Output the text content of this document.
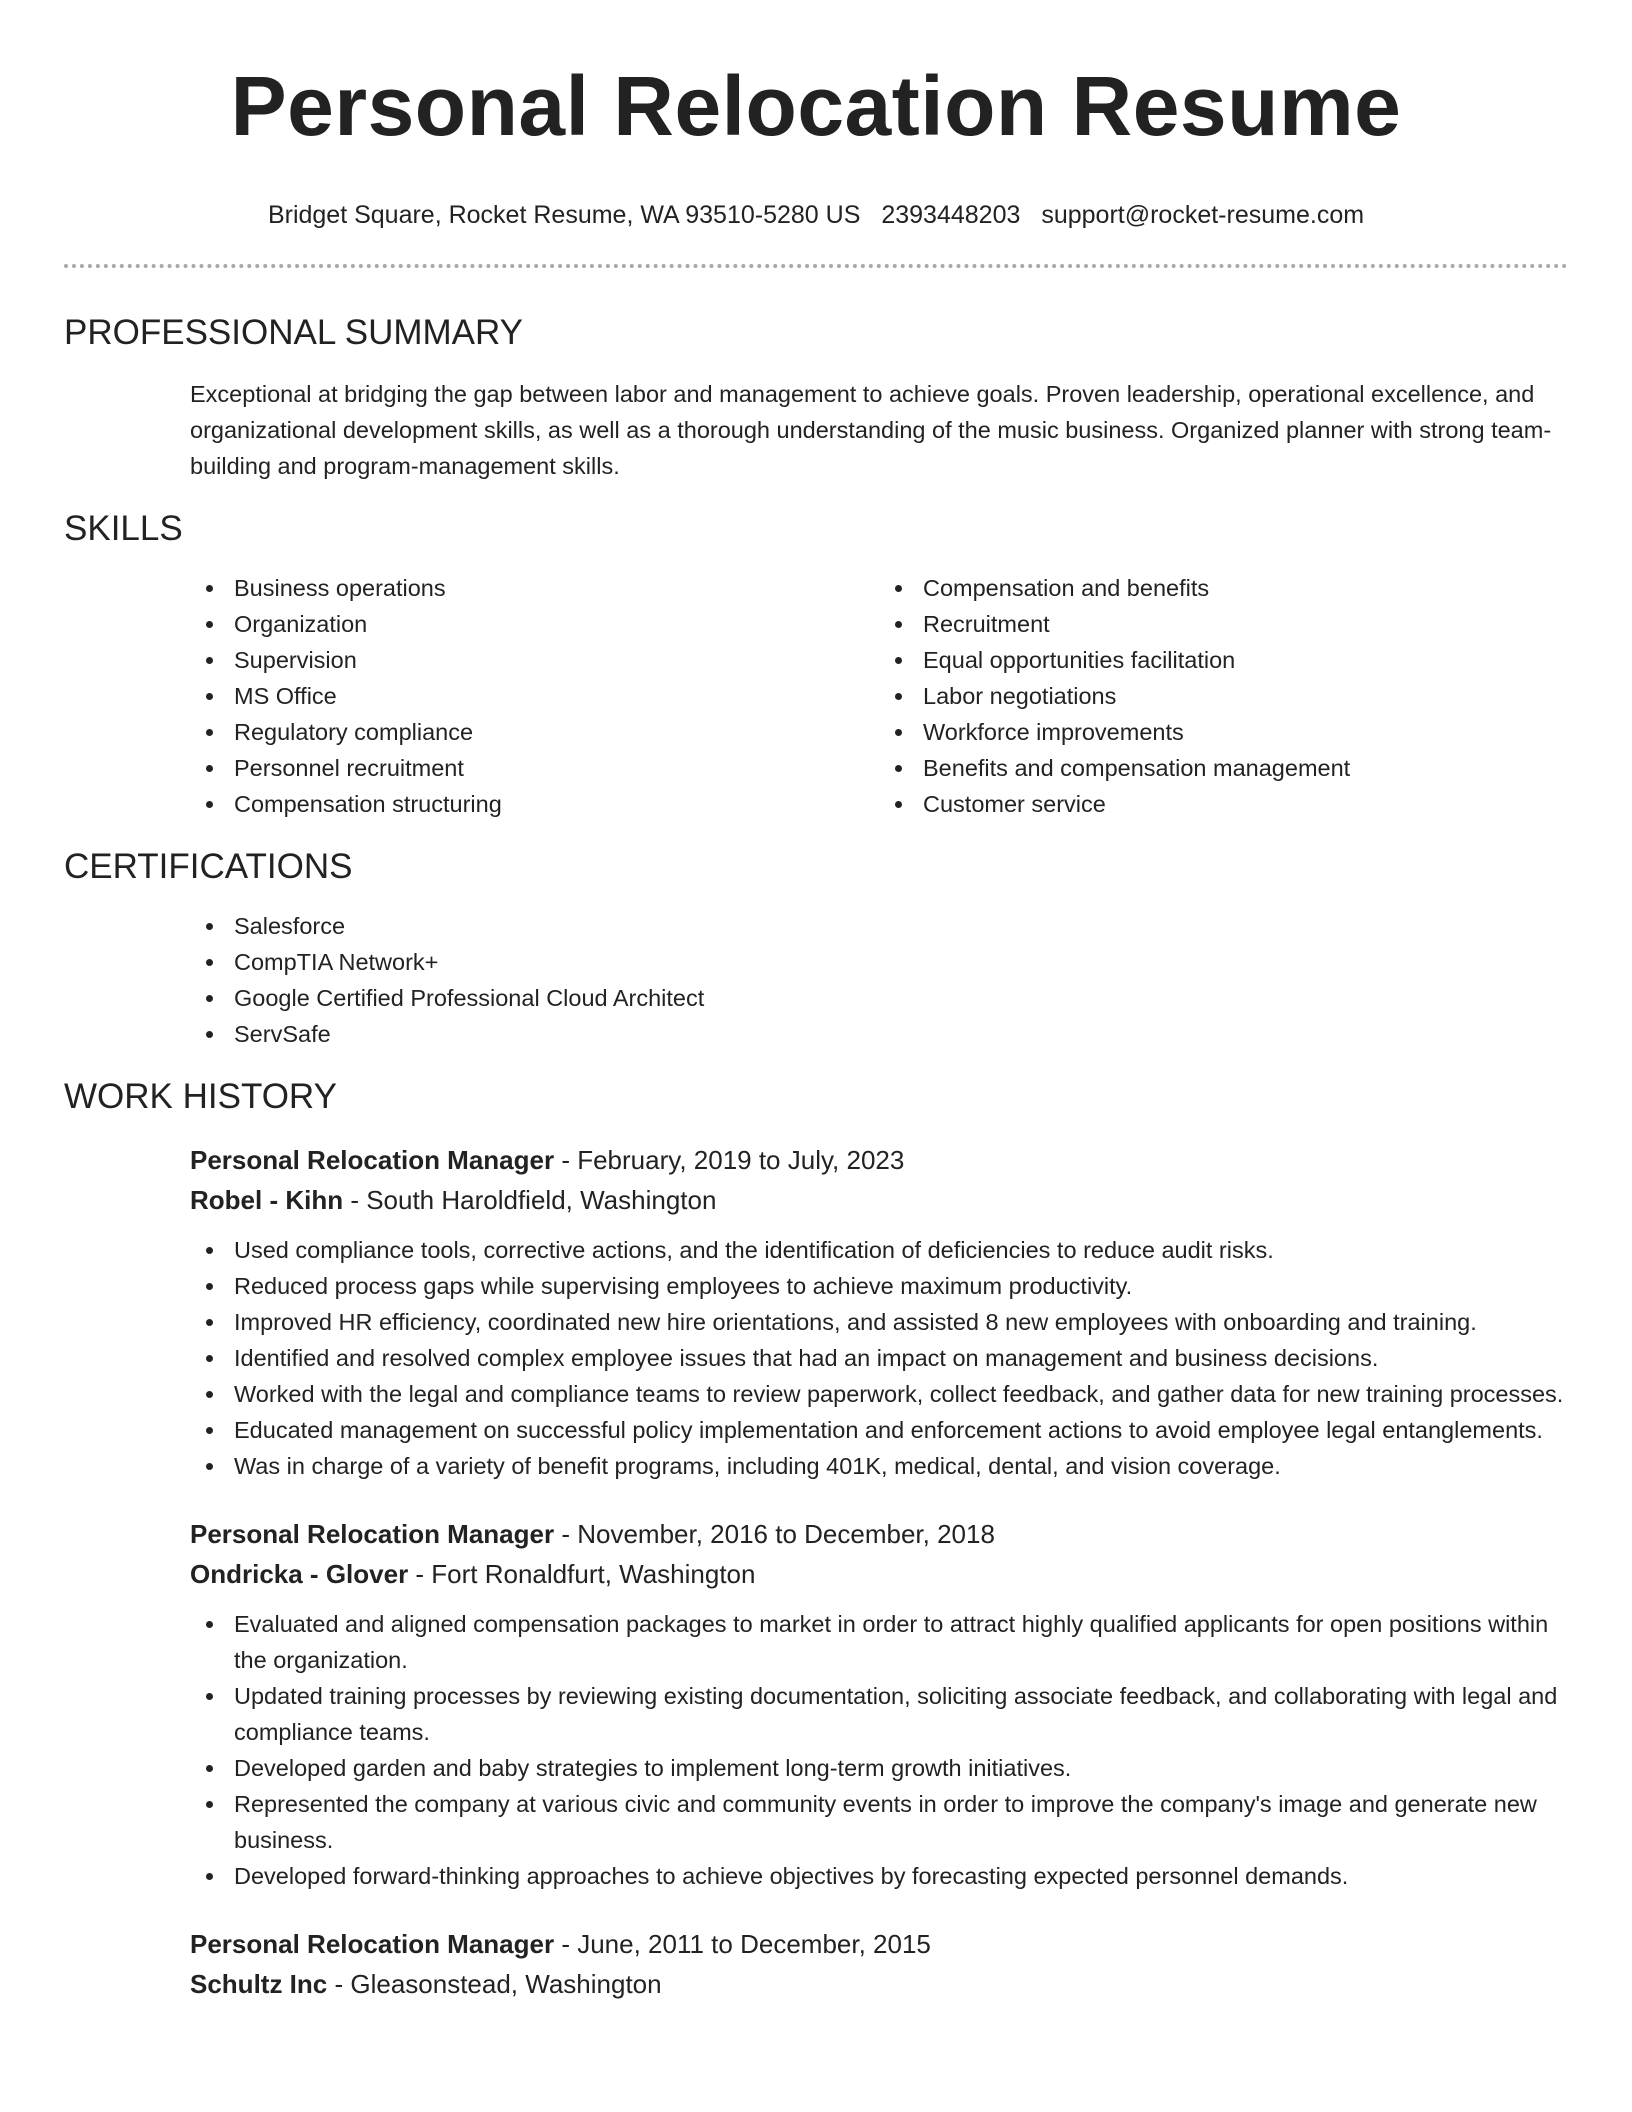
Personal Relocation Resume
Bridget Square, Rocket Resume, WA 93510-5280 US 2393448203 support@rocket-resume.com
PROFESSIONAL SUMMARY
Exceptional at bridging the gap between labor and management to achieve goals. Proven leadership, operational excellence, and organizational development skills, as well as a thorough understanding of the music business. Organized planner with strong team-building and program-management skills.
SKILLS
Business operations
Organization
Supervision
MS Office
Regulatory compliance
Personnel recruitment
Compensation structuring
Compensation and benefits
Recruitment
Equal opportunities facilitation
Labor negotiations
Workforce improvements
Benefits and compensation management
Customer service
CERTIFICATIONS
Salesforce
CompTIA Network+
Google Certified Professional Cloud Architect
ServSafe
WORK HISTORY
Personal Relocation Manager - February, 2019 to July, 2023
Robel - Kihn - South Haroldfield, Washington
Used compliance tools, corrective actions, and the identification of deficiencies to reduce audit risks.
Reduced process gaps while supervising employees to achieve maximum productivity.
Improved HR efficiency, coordinated new hire orientations, and assisted 8 new employees with onboarding and training.
Identified and resolved complex employee issues that had an impact on management and business decisions.
Worked with the legal and compliance teams to review paperwork, collect feedback, and gather data for new training processes.
Educated management on successful policy implementation and enforcement actions to avoid employee legal entanglements.
Was in charge of a variety of benefit programs, including 401K, medical, dental, and vision coverage.
Personal Relocation Manager - November, 2016 to December, 2018
Ondricka - Glover - Fort Ronaldfurt, Washington
Evaluated and aligned compensation packages to market in order to attract highly qualified applicants for open positions within the organization.
Updated training processes by reviewing existing documentation, soliciting associate feedback, and collaborating with legal and compliance teams.
Developed garden and baby strategies to implement long-term growth initiatives.
Represented the company at various civic and community events in order to improve the company's image and generate new business.
Developed forward-thinking approaches to achieve objectives by forecasting expected personnel demands.
Personal Relocation Manager - June, 2011 to December, 2015
Schultz Inc - Gleasonstead, Washington
